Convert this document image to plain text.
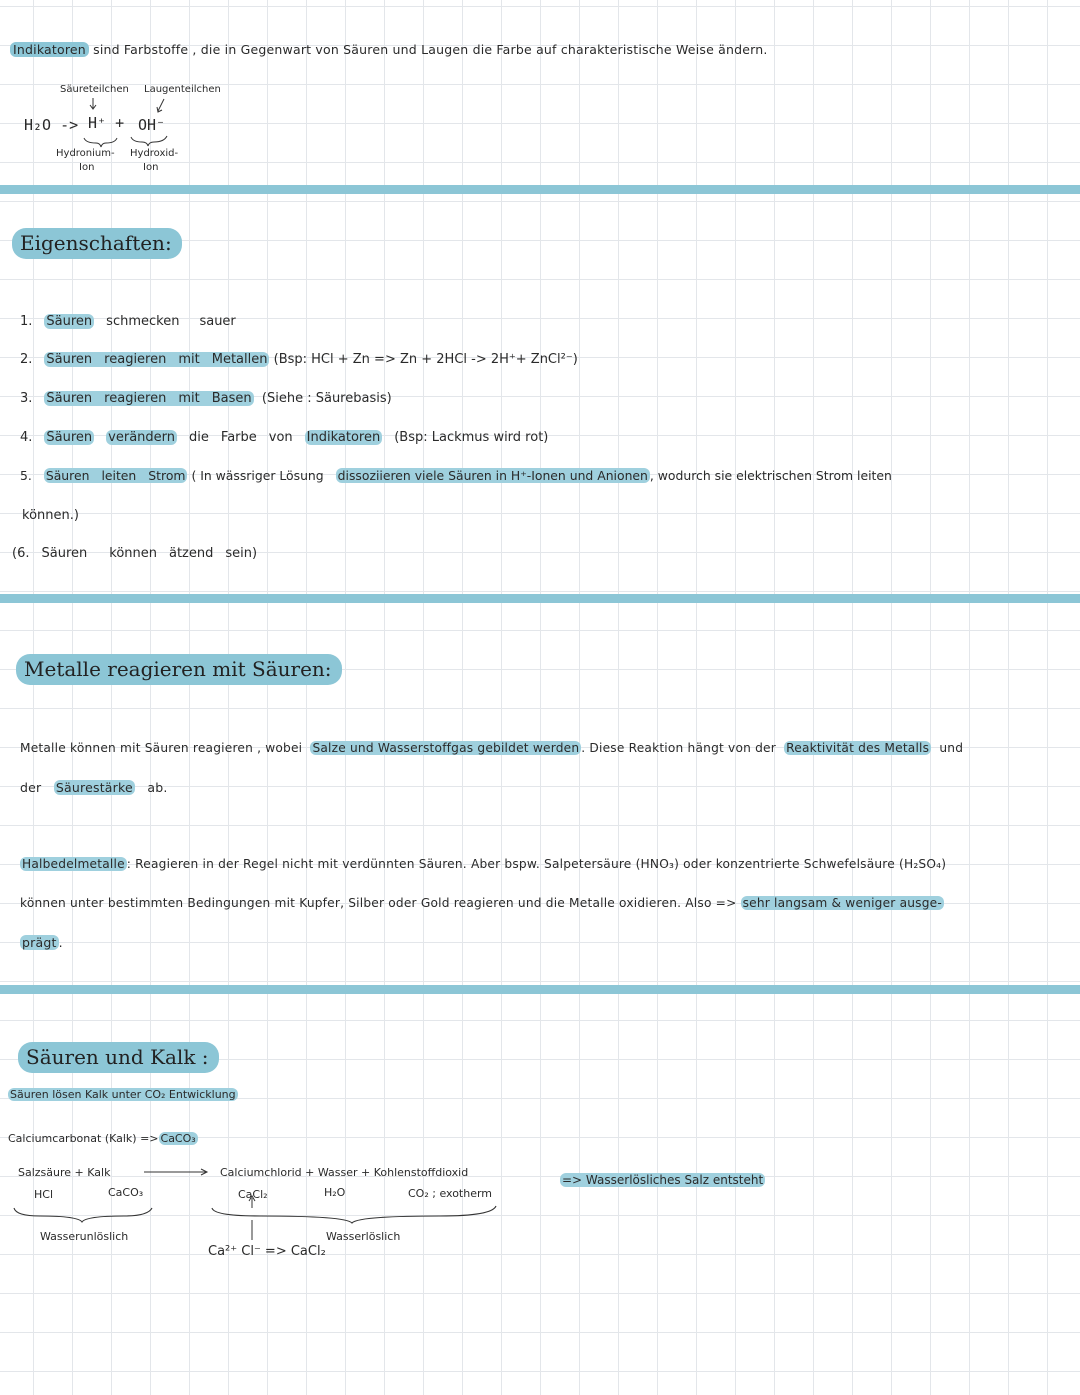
Indikatoren sind Farbstoffe , die in Gegenwart von Säuren und Laugen die Farbe auf charakteristische Weise ändern.
Säureteilchen Laugenteilchen
H₂O -> H⁺ + OH⁻
Hydronium-
Ion
Hydroxid-
Ion
Eigenschaften:
1. Säuren schmecken sauer
2. Säuren reagieren mit Metallen (Bsp: HCl + Zn => Zn + 2HCl -> 2H⁺+ ZnCl²⁻)
3. Säuren reagieren mit Basen (Siehe : Säurebasis)
4. Säuren verändern die Farbe von Indikatoren (Bsp: Lackmus wird rot)
5. Säuren leiten Strom ( In wässriger Lösung dissoziieren viele Säuren in H⁺-Ionen und Anionen , wodurch sie elektrischen Strom leiten
können.)
(6. Säuren können ätzend sein)
Metalle reagieren mit Säuren:
Metalle können mit Säuren reagieren , wobei Salze und Wasserstoffgas gebildet werden . Diese Reaktion hängt von der Reaktivität des Metalls und
der Säurestärke ab.
Halbedelmetalle : Reagieren in der Regel nicht mit verdünnten Säuren. Aber bspw. Salpetersäure (HNO₃) oder konzentrierte Schwefelsäure (H₂SO₄)
können unter bestimmten Bedingungen mit Kupfer, Silber oder Gold reagieren und die Metalle oxidieren. Also => sehr langsam & weniger ausge-
prägt .
Säuren und Kalk :
Säuren lösen Kalk unter CO₂ Entwicklung
Calciumcarbonat (Kalk) => CaCO₃
Salzsäure + Kalk
HCl	CaCO₃
Calciumchlorid + Wasser + Kohlenstoffdioxid
CaCl₂	H₂O	CO₂ ; exotherm
Wasserunlöslich	Wasserlöslich
Ca²⁺ Cl⁻ => CaCl₂
=> Wasserlösliches Salz entsteht
